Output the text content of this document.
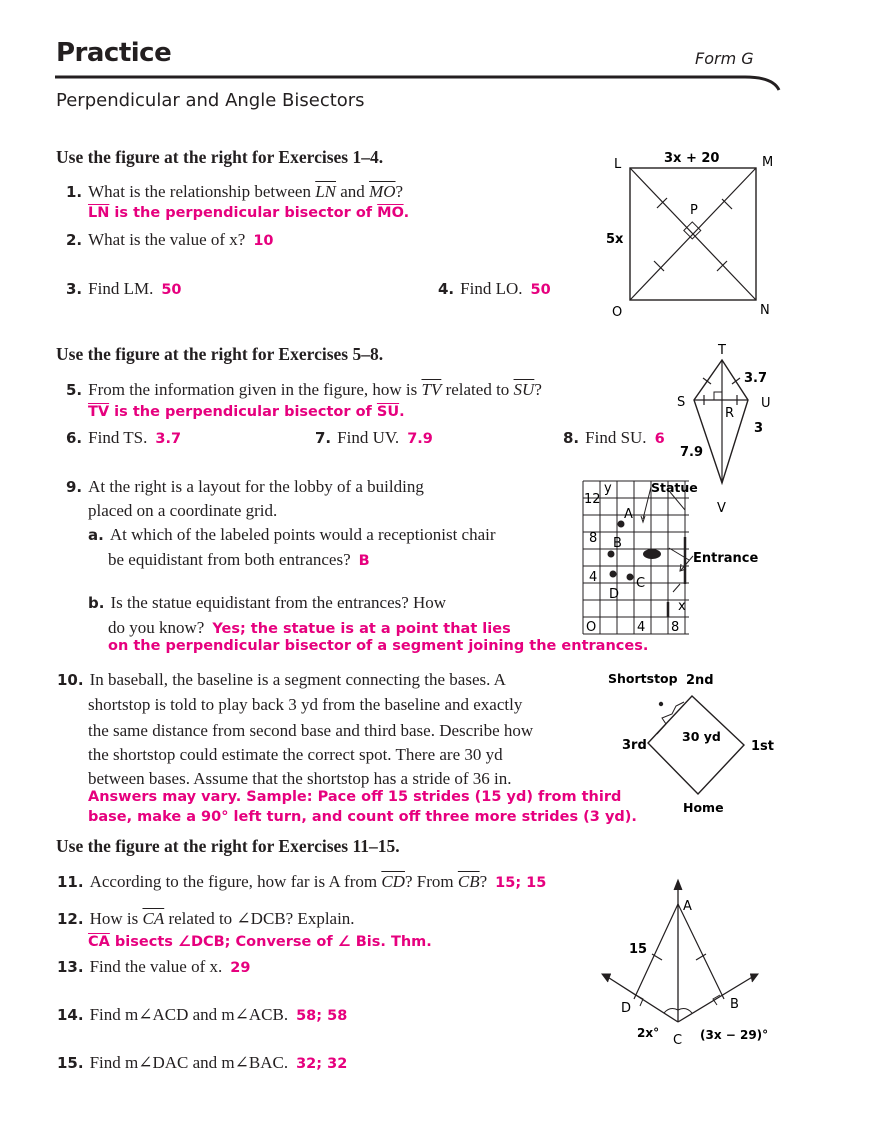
Practice	Form G
Perpendicular and Angle Bisectors
Use the figure at the right for Exercises 1–4.
1. What is the relationship between $\overline{LN}$ and $\overline{MO}$?
$\overline{LN}$ is the perpendicular bisector of $\overline{MO}$.
2. What is the value of x? 10
3. Find LM. 50	4. Find LO. 50
L	M
N
O
P
3x + 20
5x
Use the figure at the right for Exercises 5–8.
5. From the information given in the figure, how is $\overline{TV}$ related to $\overline{SU}$?
$\overline{TV}$ is the perpendicular bisector of $\overline{SU}$.
6. Find TS. 3.7	7. Find UV. 7.9	8. Find SU. 6
T
S	U
R
V
3.7
3
7.9
9. At the right is a layout for the lobby of a building
placed on a coordinate grid.
a. At which of the labeled points would a receptionist chair
be equidistant from both entrances? B
b. Is the statue equidistant from the entrances? How
do you know? Yes; the statue is at a point that lies
on the perpendicular bisector of a segment joining the entrances.
y
x
Statue
Entrance
A
B
C
D
12
8
4
O	4 8
10. In baseball, the baseline is a segment connecting the bases. A
shortstop is told to play back 3 yd from the baseline and exactly
the same distance from second base and third base. Describe how
the shortstop could estimate the correct spot. There are 30 yd
between bases. Assume that the shortstop has a stride of 36 in.
Answers may vary. Sample: Pace off 15 strides (15 yd) from third
base, make a 90° left turn, and count off three more strides (3 yd).
Shortstop 2nd
3rd	1st
Home
30 yd
Use the figure at the right for Exercises 11–15.
11. According to the figure, how far is A from $\overline{CD}$? From $\overline{CB}$? 15; 15
12. How is $\overline{CA}$ related to ∠DCB? Explain.
$\overline{CA}$ bisects ∠DCB; Converse of ∠ Bis. Thm.
13. Find the value of x. 29
14. Find m∠ACD and m∠ACB. 58; 58
15. Find m∠DAC and m∠BAC. 32; 32
A
B
C
D
15
2x°	(3x − 29)°
